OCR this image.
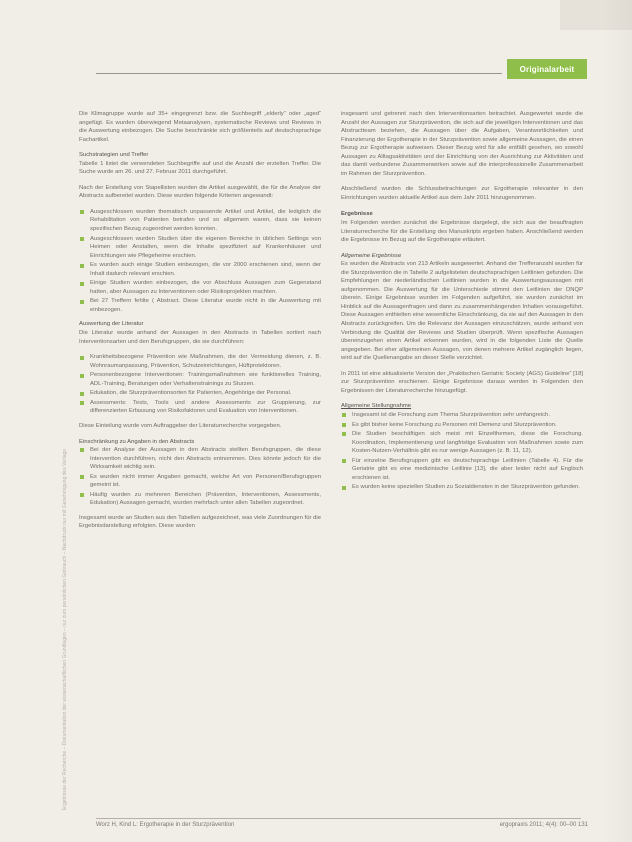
Originalarbeit
Ergebnisse der Recherche – Dokumentation der wissenschaftlichen Grundlagen – nur zum persönlichen Gebrauch – Nachdruck nur mit Genehmigung des Verlags
Die Klimagruppe wurde auf 35+ eingegrenzt bzw. die Suchbegriff „elderly“ oder „aged“ angefügt. Es wurden überwiegend Metaanalysen, systematische Reviews und Reviews in die Auswertung einbezogen. Die Suche beschränkte sich größtenteils auf deutschsprachige Fachartikel.
Suchstrategien und Treffer
Tabelle 1 listet die verwendeten Suchbegriffe auf und die Anzahl der erzielten Treffer. Die Suche wurde am 26. und 27. Februar 2011 durchgeführt.
Nach der Erstellung von Stapellisten wurden die Artikel ausgewählt, die für die Analyse der Abstracts aufbereitet wurden. Diese wurden folgende Kriterien angewandt:
Ausgeschlossen wurden thematisch unpassende Artikel und Artikel, die lediglich die Rehabilitation von Patienten betrafen und so allgemein waren, dass sie keinen spezifischen Bezug zugeordnet werden konnten.
Ausgeschlossen wurden Studien über die eigenen Bereiche in üblichen Settings von Heimen oder Anstalten, wenn die Inhalte spezifiziert auf Krankenhäuser und Einrichtungen wie Pflegeheime erschien.
Es wurden auch einige Studien einbezogen, die vor 2000 erschienen sind, wenn der Inhalt dadurch relevant erschien.
Einige Studien wurden einbezogen, die vor Abschluss Aussagen zum Gegenstand hatten, aber Aussagen zu Interventionen oder Risikoprojekten machten.
Bei 27 Treffern fehlte ( Abstract. Diese Literatur wurde nicht in die Auswertung mit einbezogen.
Auswertung der Literatur
Die Literatur wurde anhand der Aussagen in den Abstracts in Tabellen sortiert nach Interventionsarten und den Berufsgruppen, die sie durchführen:
Krankheitsbezogene Prävention wie Maßnahmen, die der Vermeidung dienen, z. B. Wohnraumanpassung, Prävention, Schutzeinrichtungen, Hüftprotektoren.
Personenbezogene Interventionen: Trainingsmaßnahmen wie funktionelles Training, ADL-Training, Beratungen oder Verhaltenstrainings zu Sturzen.
Edukation, die Sturzpräventionsorten für Patienten, Angehörige der Personal.
Assessments: Tests, Tools und andere Assessments zur Gruppierung, zur differenzierten Erfassung von Risikofaktoren und Evaluation von Interventionen.
Diese Einteilung wurde vom Auftraggeber der Literaturrecherche vorgegeben.
Einschränkung zu Angaben in den Abstracts
Bei der Analyse der Aussagen in den Abstracts stellten Berufsgruppen, die diese Intervention durchführen, nicht den Abstracts entnommen. Dies könnte jedoch für die Wirksamkeit wichtig sein.
Es wurden nicht immer Angaben gemacht, welche Art von Personen/Berufsgruppen gemeint ist.
Häufig wurden zu mehreren Bereichen (Prävention, Interventionen, Assessments, Edukation) Aussagen gemacht, wurden mehrfach unter allen Tabellen zugeordnet.
Insgesamt wurde an Studien aus den Tabellen aufgezeichnet, was viele Zuordnungen für die Ergebnisdarstellung erfolgten. Diese wurden
insgesamt und getrennt nach den Interventionsarten betrachtet. Ausgewertet wurde die Anzahl der Aussagen zur Sturzprävention, die sich auf die jeweiligen Interventionen und das Abstractteam beziehen, die Aussagen über die Aufgaben, Verantwortlichkeiten und Finanzierung der Ergotherapie in der Sturzprävention sowie allgemeine Aussagen, die einen Bezug zur Ergotherapie aufweisen. Dieser Bezug wird für alle entfällt gesehen, wo sowohl Aussagen zu Alltagsaktivitäten und der Einrichtung von der Ausrichtung zur Aktivitäten und das damit verbundene Zusammenwirken sowie auf die interprofessionelle Zusammenarbeit im Rahmen der Sturzprävention.
Abschließend wurden die Schlussbetrachtungen zur Ergotherapie relevanter in den Einrichtungen wurden aktuelle Artikel aus dem Jahr 2011 hinzugenommen.
Ergebnisse
Im Folgenden werden zunächst die Ergebnisse dargelegt, die sich aus der beauftragten Literaturrecherche für die Erstellung des Manuskripts ergeben haben. Anschließend werden die Ergebnisse im Bezug auf die Ergotherapie erläutert.
Allgemeine Ergebnisse
Es wurden die Abstracts von 213 Artikeln ausgewertet. Anhand der Trefferanzahl wurden für die Sturzprävention die in Tabelle 2 aufgelisteten deutschsprachigen Leitlinien gefunden. Die Empfehlungen der niederländischen Leitlinien wurden in die Auswertungsaussagen mit aufgenommen. Die Auswertung für die Unterschiede stimmt den Leitlinien der DNQP überein. Einige Ergebnisse wurden im Folgenden aufgeführt, sie wurden zunächst im Hinblick auf die Aussagenfragen und dann zu zusammenhängenden Inhalten vorausgeführt. Diese Aussagen enthielten eine wesentliche Einschränkung, da sie auf den Aussagen in den Abstracts zurückgreifen. Um die Relevanz der Aussagen einzuschätzen, wurde anhand von Verbindung die Qualität der Reviews und Studien überprüft. Wenn spezifische Aussagen übereinzugehen einen Artikel erkennen wurden, wird in die folgenden Liste die Quelle angegeben. Bei eher allgemeinen Aussagen, von denen mehrere Artikel zugänglich liegen, wird auf die Quellenangabe an dieser Stelle verzichtet.
In 2011 ist eine aktualisierte Version der „Praktischen Geriatric Society (AGS) Guideline“ [18] zur Sturzprävention erschienen. Einige Ergebnisse daraus werden in Folgenden den Ergebnissen der Literaturrecherche hinzugefügt.
Allgemeine Stellungnahme
Insgesamt ist die Forschung zum Thema Sturzprävention sehr umfangreich.
Es gibt bisher keine Forschung zu Personen mit Demenz und Sturzprävention.
Die Studien beschäftigen sich meist mit Einzelthemen, diese die Forschung. Koordination, Implementierung und langfristige Evaluation von Maßnahmen sowie zum Kosten-Nutzen-Verhältnis gibt es nur wenige Aussagen (z. B. 11, 12).
Für einzelne Berufsgruppen gibt es deutschsprachige Leitlinien (Tabelle 4). Für die Geriatrie gibt es eine medizinische Leitlinie [13], die aber leider nicht auf Englisch erschienen ist.
Es wurden keine speziellen Studien zu Sozialdiensten in der Sturzprävention gefunden.
Worz H, Kind L: Ergotherapie in der Sturzprävention	ergopraxis 2011; 4(4): 00–00 131
